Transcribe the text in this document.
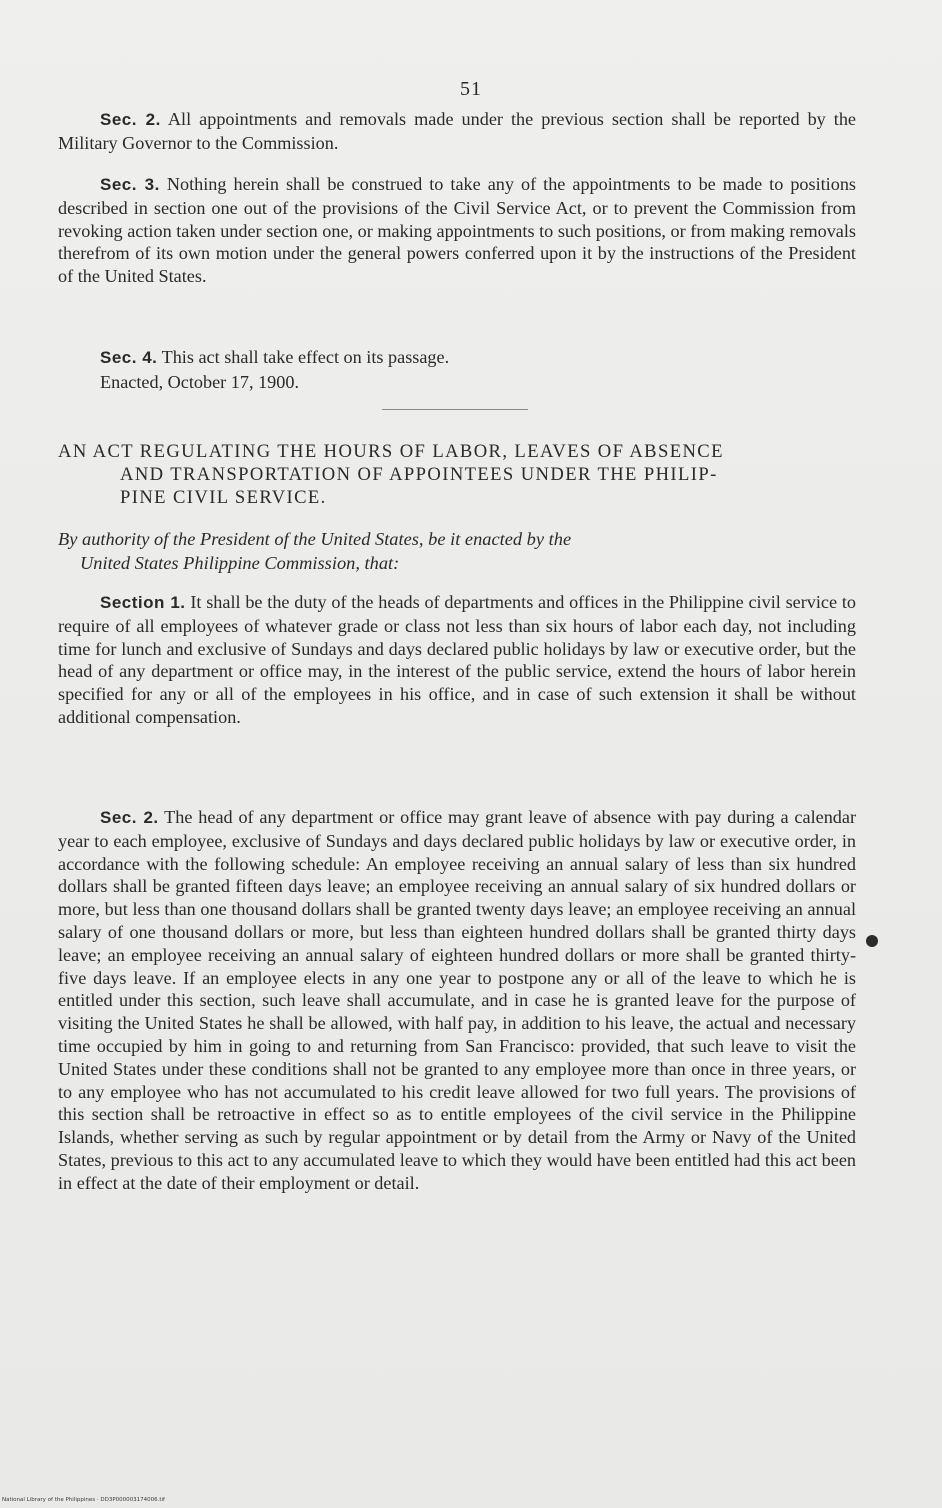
51

Sec. 2. All appointments and removals made under the previous section shall be reported by the Military Governor to the Commission.

Sec. 3. Nothing herein shall be construed to take any of the appointments to be made to positions described in section one out of the provisions of the Civil Service Act, or to prevent the Commission from revoking action taken under section one, or making appointments to such positions, or from making removals therefrom of its own motion under the general powers conferred upon it by the instructions of the President of the United States.

Sec. 4. This act shall take effect on its passage.

Enacted, October 17, 1900.

AN ACT REGULATING THE HOURS OF LABOR, LEAVES OF ABSENCE
AND TRANSPORTATION OF APPOINTEES UNDER THE PHILIP-
PINE CIVIL SERVICE.
By authority of the President of the United States, be it enacted by the
United States Philippine Commission, that:

Section 1. It shall be the duty of the heads of departments and offices in the Philippine civil service to require of all employees of whatever grade or class not less than six hours of labor each day, not including time for lunch and exclusive of Sundays and days declared public holidays by law or executive order, but the head of any department or office may, in the interest of the public service, extend the hours of labor herein specified for any or all of the employees in his office, and in case of such extension it shall be without additional compensation.

Sec. 2. The head of any department or office may grant leave of absence with pay during a calendar year to each employee, exclusive of Sundays and days declared public holidays by law or executive order, in accordance with the following schedule: An employee receiving an annual salary of less than six hundred dollars shall be granted fifteen days leave; an employee receiving an annual salary of six hundred dollars or more, but less than one thousand dollars shall be granted twenty days leave; an employee receiving an annual salary of one thousand dollars or more, but less than eighteen hundred dollars shall be granted thirty days leave; an employee receiving an annual salary of eighteen hundred dollars or more shall be granted thirty-five days leave. If an employee elects in any one year to postpone any or all of the leave to which he is entitled under this section, such leave shall accumulate, and in case he is granted leave for the purpose of visiting the United States he shall be allowed, with half pay, in addition to his leave, the actual and necessary time occupied by him in going to and returning from San Francisco: provided, that such leave to visit the United States under these conditions shall not be granted to any employee more than once in three years, or to any employee who has not accumulated to his credit leave allowed for two full years. The provisions of this section shall be retroactive in effect so as to entitle employees of the civil service in the Philippine Islands, whether serving as such by regular appointment or by detail from the Army or Navy of the United States, previous to this act to any accumulated leave to which they would have been entitled had this act been in effect at the date of their employment or detail.

National Library of the Philippines · DD3P000003174006.tif
